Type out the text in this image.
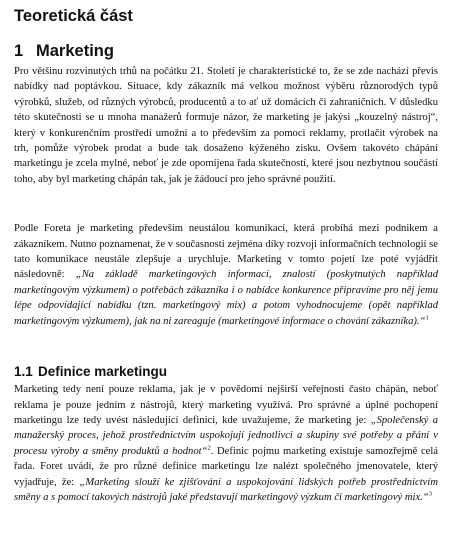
Teoretická část
1 Marketing

Pro většinu rozvinutých trhů na počátku 21. Století je charakteristické to, že se zde nachází převis nabídky nad poptávkou. Situace, kdy zákazník má velkou možnost výběru různorodých typů výrobků, služeb, od různých výrobců, producentů a to ať už domácích či zahraničních. V důsledku této skutečnosti se u mnoha manažerů formuje názor, že marketing je jakýsi „kouzelný nástroj“, který v konkurenčním prostředí umožní a to především za pomoci reklamy, protlačit výrobek na trh, pomůže výrobek prodat a bude tak dosaženo kýženého zisku. Ovšem takovéto chápání marketingu je zcela mylné, neboť je zde opomíjena řada skutečností, které jsou nezbytnou součástí toho, aby byl marketing chápán tak, jak je žádoucí pro jeho správné použití.

Podle Foreta je marketing především neustálou komunikací, která probíhá mezi podnikem a zákazníkem. Nutno poznamenat, že v současnosti zejména díky rozvoji informačních technologií se tato komunikace neustále zlepšuje a urychluje. Marketing v tomto pojetí lze poté vyjádřit následovně: „Na základě marketingových informací, znalostí (poskytnutých například marketingovým výzkumem) o potřebách zákazníka i o nabídce konkurence připravíme pro něj jemu lépe odpovídající nabídku (tzn. marketingový mix) a potom vyhodnocujeme (opět například marketingovým výzkumem), jak na ni zareaguje (marketingové informace o chování zákazníka).“$^1$

1.1 Definice marketingu

Marketing tedy není pouze reklama, jak je v povědomí nejširší veřejnosti často chápán, neboť reklama je pouze jedním z nástrojů, který marketing využívá. Pro správné a úplné pochopení marketingu lze tedy uvést následující definici, kde uvažujeme, že marketing je: „Společenský a manažerský proces, jehož prostřednictvím uspokojují jednotlivci a skupiny své potřeby a přání v procesu výroby a směny produktů a hodnot“$^2$. Definic pojmu marketing existuje samozřejmě celá řada. Foret uvádí, že pro různé definice marketingu lze nalézt společného jmenovatele, který vyjadřuje, že: „Marketing slouží ke zjišťování a uspokojování lidských potřeb prostřednictvím směny a s pomocí takových nástrojů jaké představují marketingový výzkum či marketingový mix.“$^3$
